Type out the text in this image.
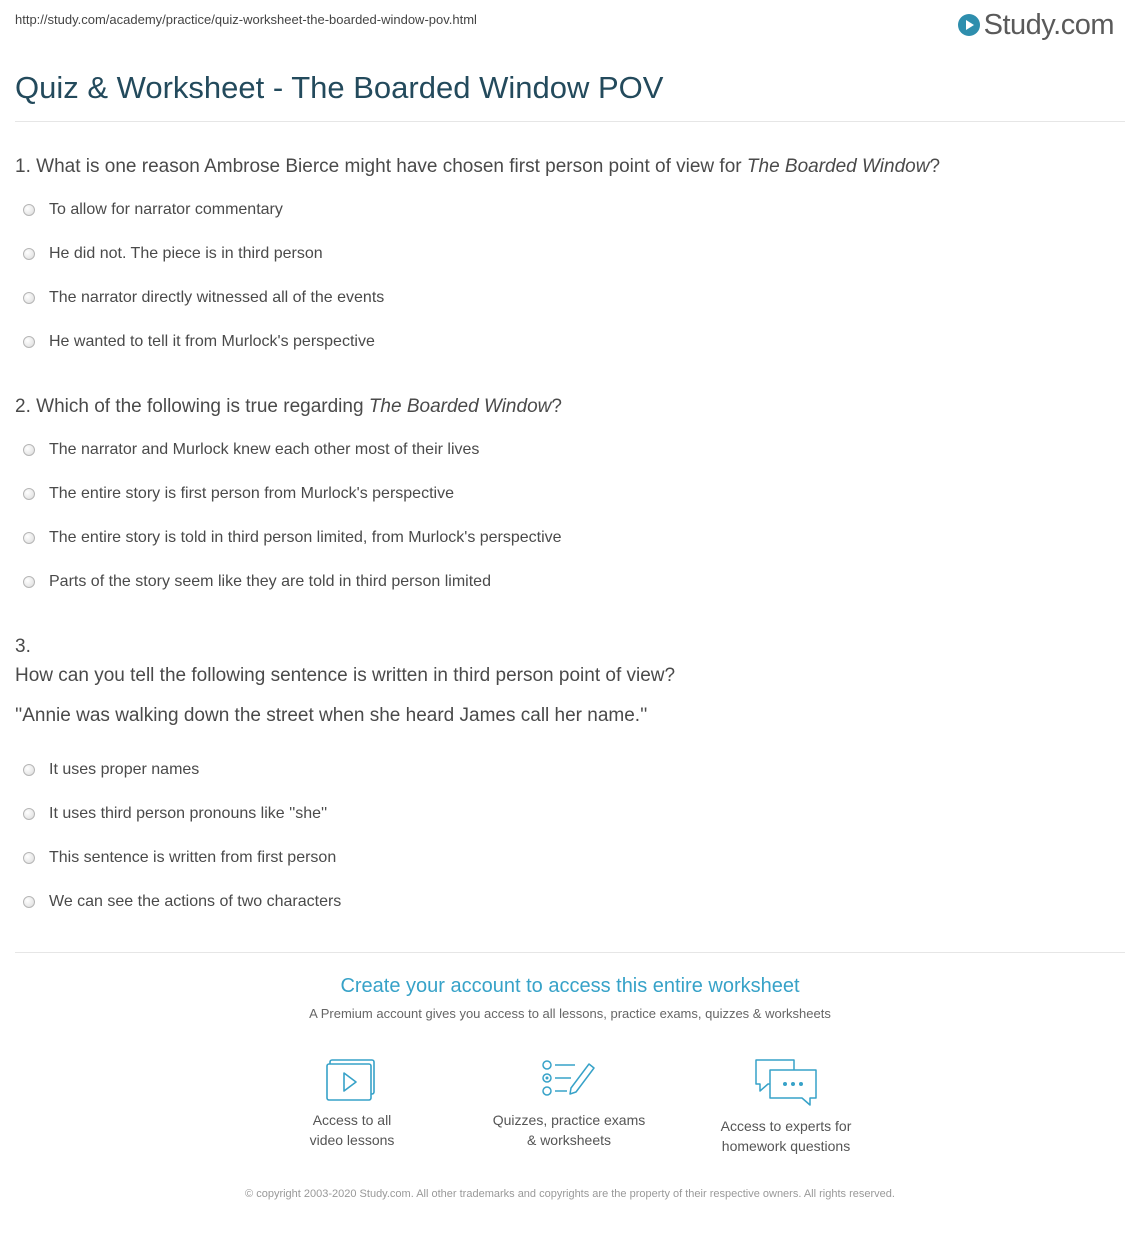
http://study.com/academy/practice/quiz-worksheet-the-boarded-window-pov.html	Study.com
Quiz & Worksheet - The Boarded Window POV
1. What is one reason Ambrose Bierce might have chosen first person point of view for The Boarded Window?
To allow for narrator commentary
He did not. The piece is in third person
The narrator directly witnessed all of the events
He wanted to tell it from Murlock's perspective
2. Which of the following is true regarding The Boarded Window?
The narrator and Murlock knew each other most of their lives
The entire story is first person from Murlock's perspective
The entire story is told in third person limited, from Murlock's perspective
Parts of the story seem like they are told in third person limited
3.
How can you tell the following sentence is written in third person point of view?
''Annie was walking down the street when she heard James call her name.''
It uses proper names
It uses third person pronouns like ''she''
This sentence is written from first person
We can see the actions of two characters
Create your account to access this entire worksheet
A Premium account gives you access to all lessons, practice exams, quizzes & worksheets
Access to all
video lessons
Quizzes, practice exams
& worksheets
Access to experts for
homework questions
© copyright 2003-2020 Study.com. All other trademarks and copyrights are the property of their respective owners. All rights reserved.
